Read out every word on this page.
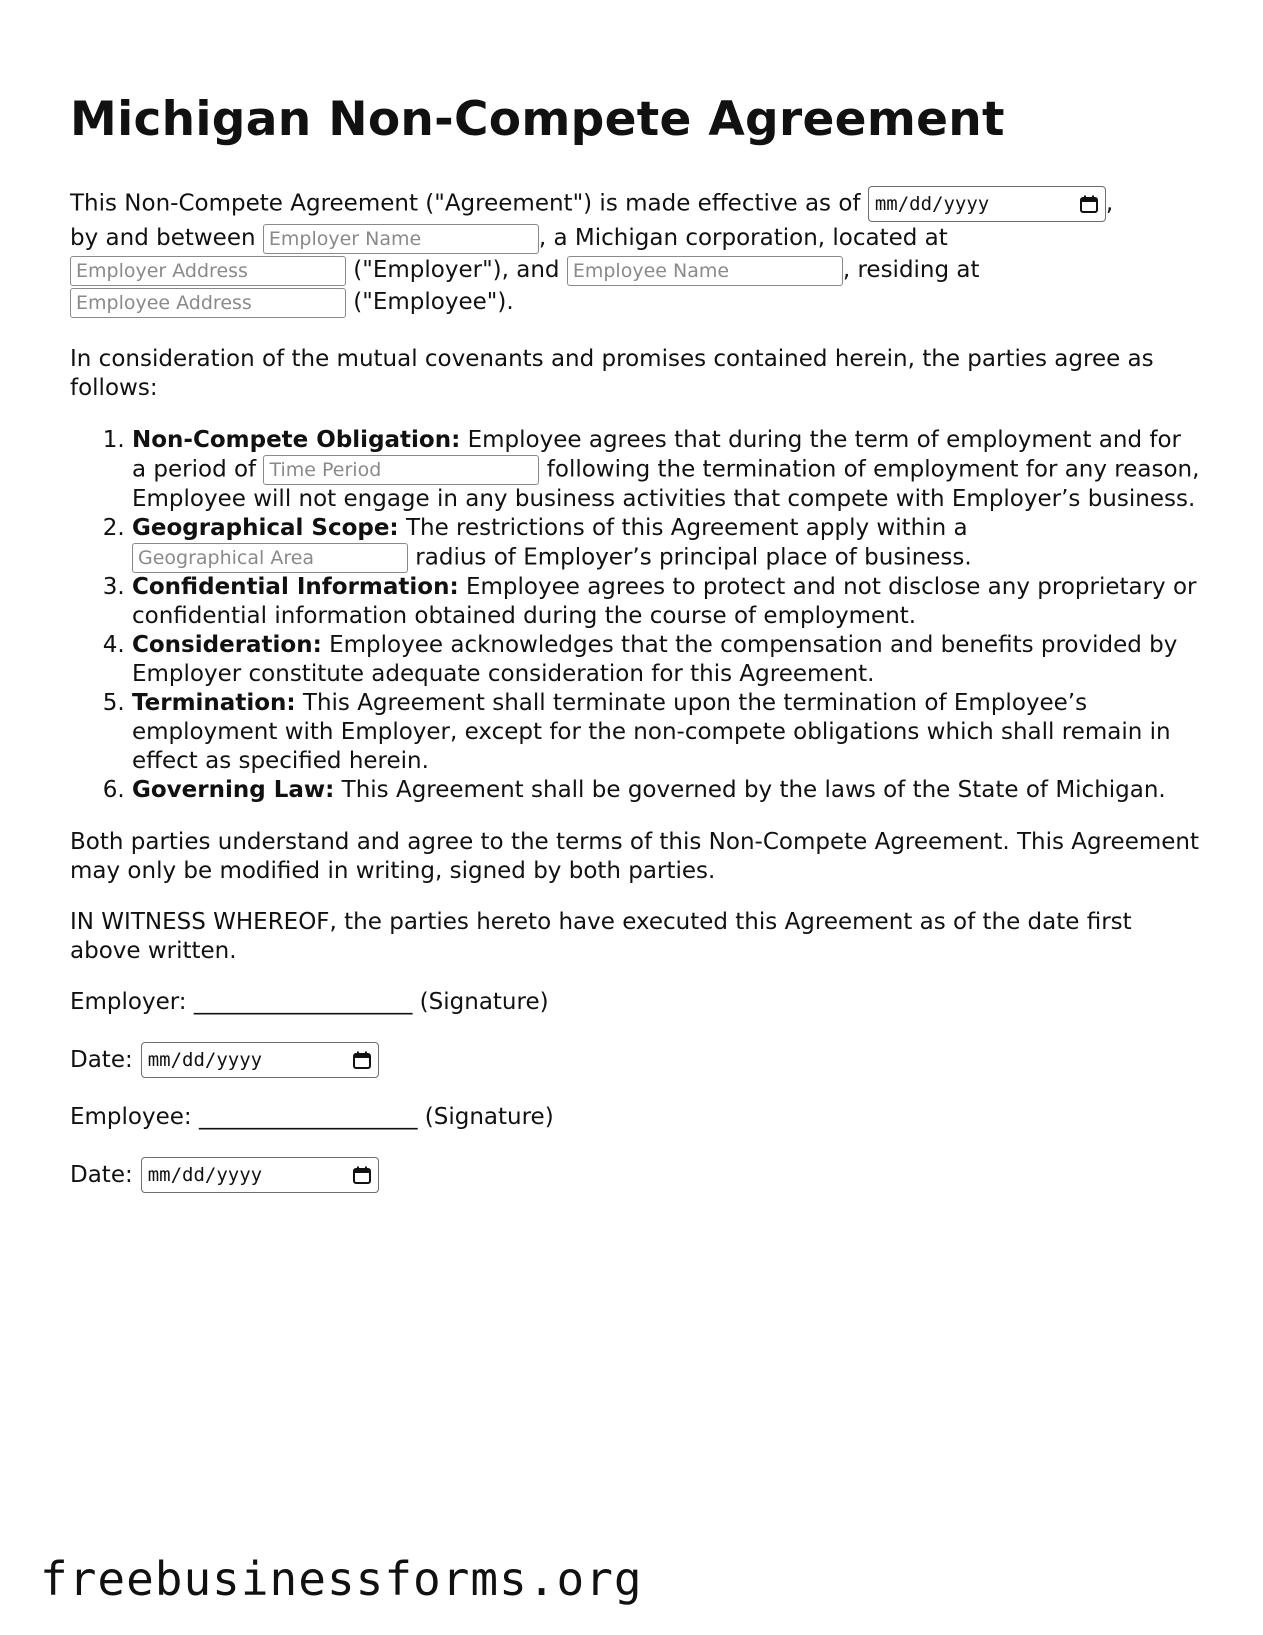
Michigan Non-Compete Agreement

This Non-Compete Agreement ("Agreement") is made effective as of mm/dd/yyyy	,
by and between Employer Name	, a Michigan corporation, located at
Employer Address ("Employer"), and Employee Name	, residing at
Employee Address ("Employee").

In consideration of the mutual covenants and promises contained herein, the parties agree as follows:

1. Non-Compete Obligation: Employee agrees that during the term of employment and for a period of Time Period	following the termination of employment for any reason, Employee will not engage in any business activities that compete with Employer’s business.
2. Geographical Scope: The restrictions of this Agreement apply within a Geographical Area radius of Employer’s principal place of business.
3. Confidential Information: Employee agrees to protect and not disclose any proprietary or confidential information obtained during the course of employment.
4. Consideration: Employee acknowledges that the compensation and benefits provided by Employer constitute adequate consideration for this Agreement.
5. Termination: This Agreement shall terminate upon the termination of Employee’s employment with Employer, except for the non-compete obligations which shall remain in effect as specified herein.
6. Governing Law: This Agreement shall be governed by the laws of the State of Michigan.

Both parties understand and agree to the terms of this Non-Compete Agreement. This Agreement may only be modified in writing, signed by both parties.

IN WITNESS WHEREOF, the parties hereto have executed this Agreement as of the date first above written.

Employer: ___________________ (Signature)

Date: mm/dd/yyyy

Employee: ___________________ (Signature)

Date: mm/dd/yyyy

freebusinessforms.org
